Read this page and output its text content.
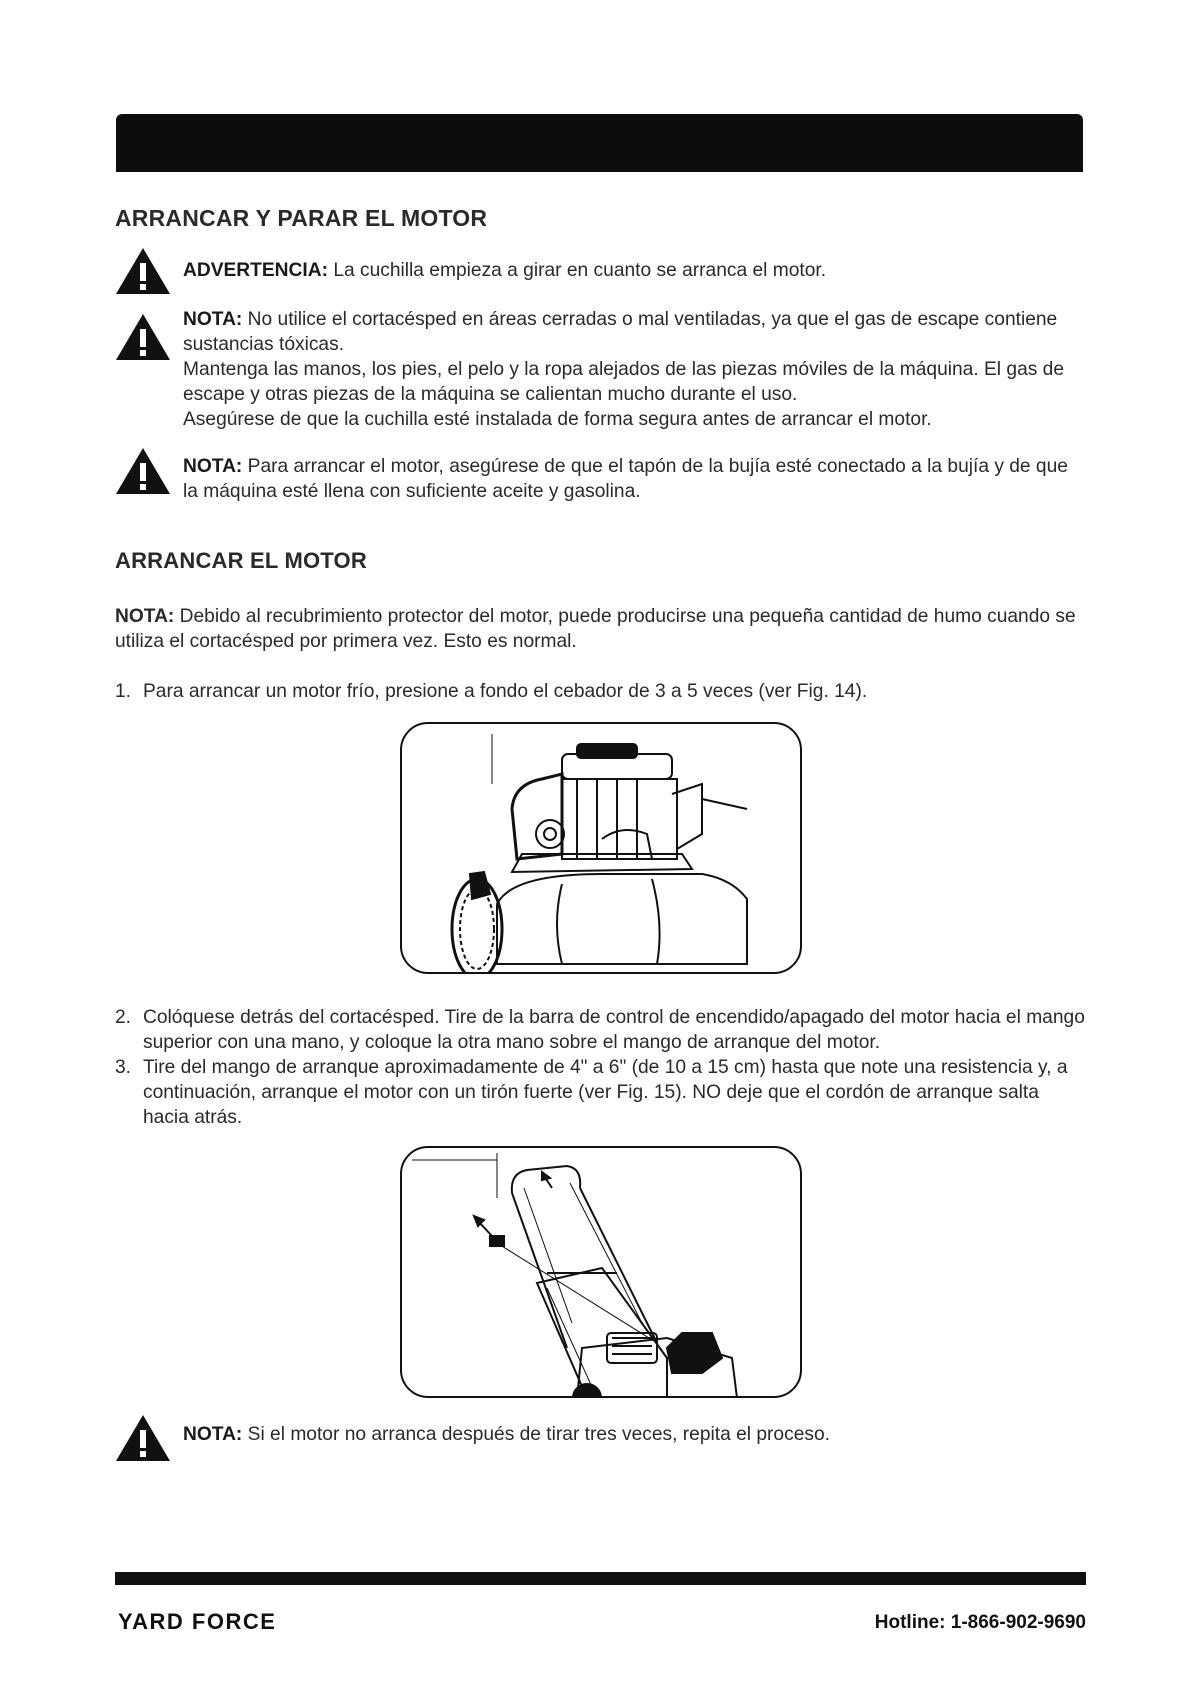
ARRANCAR Y PARAR EL MOTOR
ADVERTENCIA: La cuchilla empieza a girar en cuanto se arranca el motor.
NOTA: No utilice el cortacésped en áreas cerradas o mal ventiladas, ya que el gas de escape contiene sustancias tóxicas.
Mantenga las manos, los pies, el pelo y la ropa alejados de las piezas móviles de la máquina. El gas de escape y otras piezas de la máquina se calientan mucho durante el uso.
Asegúrese de que la cuchilla esté instalada de forma segura antes de arrancar el motor.
NOTA: Para arrancar el motor, asegúrese de que el tapón de la bujía esté conectado a la bujía y de que la máquina esté llena con suficiente aceite y gasolina.
ARRANCAR EL MOTOR
NOTA: Debido al recubrimiento protector del motor, puede producirse una pequeña cantidad de humo cuando se utiliza el cortacésped por primera vez. Esto es normal.
1. Para arrancar un motor frío, presione a fondo el cebador de 3 a 5 veces (ver Fig. 14).
2. Colóquese detrás del cortacésped. Tire de la barra de control de encendido/apagado del motor hacia el mango superior con una mano, y coloque la otra mano sobre el mango de arranque del motor.
3. Tire del mango de arranque aproximadamente de 4" a 6" (de 10 a 15 cm) hasta que note una resistencia y, a continuación, arranque el motor con un tirón fuerte (ver Fig. 15). NO deje que el cordón de arranque salta hacia atrás.
NOTA: Si el motor no arranca después de tirar tres veces, repita el proceso.
YARD FORCE	Hotline: 1-866-902-9690
